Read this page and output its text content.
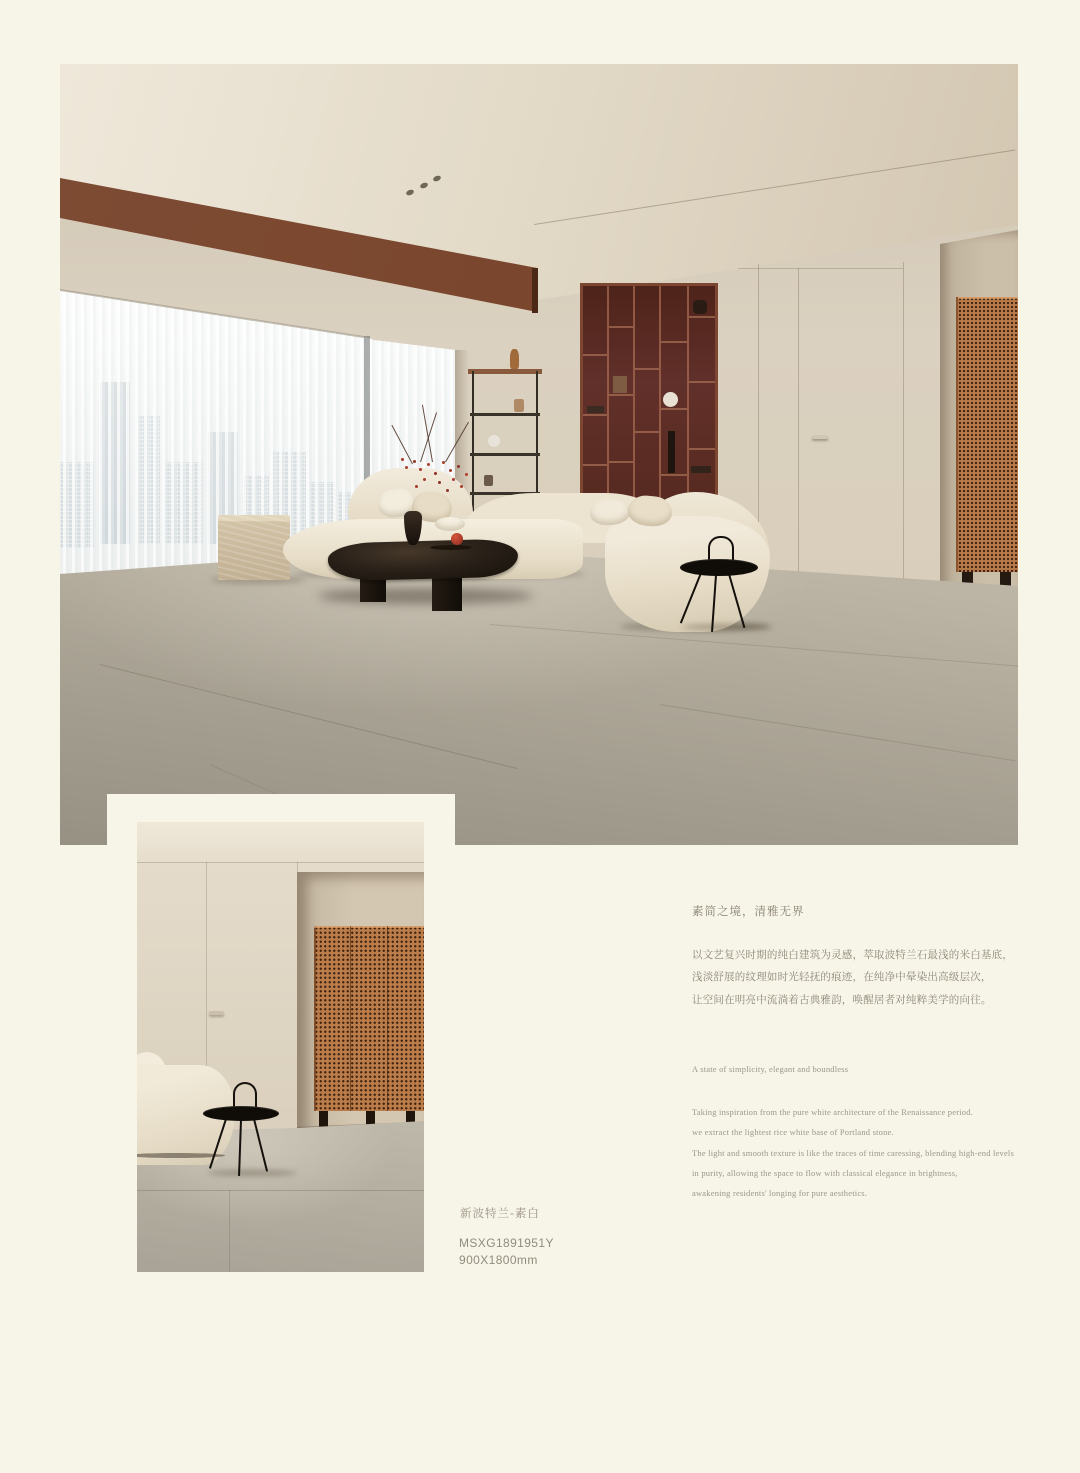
素简之境，清雅无界
以文艺复兴时期的纯白建筑为灵感，萃取波特兰石最浅的米白基底，
浅淡舒展的纹理如时光轻抚的痕迹，在纯净中晕染出高级层次，
让空间在明亮中流淌着古典雅韵，唤醒居者对纯粹美学的向往。
A state of simplicity, elegant and boundless
Taking inspiration from the pure white architecture of the Renaissance period.
we extract the lightest rice white base of Portland stone.
The light and smooth texture is like the traces of time caressing, blending high-end levels
in purity, allowing the space to flow with classical elegance in brightness,
awakening residents' longing for pure aesthetics.
新波特兰-素白
MSXG1891951Y
900X1800mm
